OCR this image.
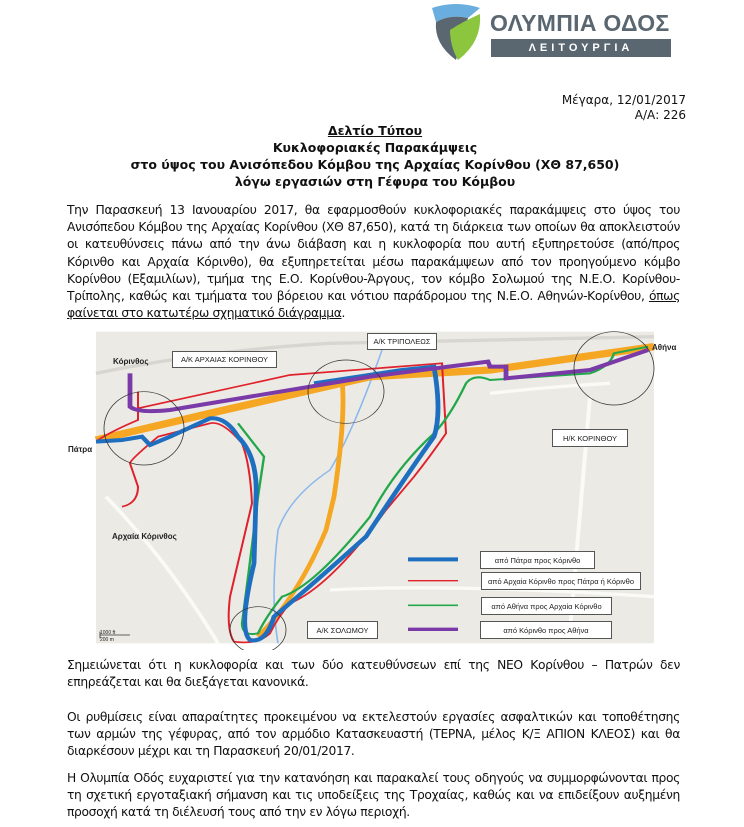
ΟΛΥΜΠΙΑ ΟΔΟΣ
ΛΕΙΤΟΥΡΓΙΑ
Μέγαρα, 12/01/2017
Α/Α: 226
Δελτίο Τύπου
Κυκλοφοριακές Παρακάμψεις
στο ύψος του Ανισόπεδου Κόμβου της Αρχαίας Κορίνθου (ΧΘ 87,650)
λόγω εργασιών στη Γέφυρα του Κόμβου
Την Παρασκευή 13 Ιανουαρίου 2017, θα εφαρμοσθούν κυκλοφοριακές παρακάμψεις στο ύψος του Ανισόπεδου Κόμβου της Αρχαίας Κορίνθου (ΧΘ 87,650), κατά τη διάρκεια των οποίων θα αποκλειστούν οι κατευθύνσεις πάνω από την άνω διάβαση και η κυκλοφορία που αυτή εξυπηρετούσε (από/προς Κόρινθο και Αρχαία Κόρινθο), θα εξυπηρετείται μέσω παρακάμψεων από τον προηγούμενο κόμβο Κορίνθου (Εξαμιλίων), τμήμα της Ε.Ο. Κορίνθου-Άργους, τον κόμβο Σολωμού της Ν.Ε.Ο. Κορίνθου-Τρίπολης, καθώς και τμήματα του βόρειου και νότιου παράδρομου της Ν.Ε.Ο. Αθηνών-Κορίνθου, όπως φαίνεται στο κατωτέρω σχηματικό διάγραμμα.
Κόρινθος
Πάτρα
Αθήνα
Αρχαία Κόρινθος
1000 ft
200 m
Α/Κ ΑΡΧΑΙΑΣ ΚΟΡΙΝΘΟΥ
Α/Κ ΤΡΙΠΟΛΕΩΣ
Η/Κ ΚΟΡΙΝΘΟΥ
Α/Κ ΣΟΛΩΜΟΥ
από Πάτρα προς Κόρινθο
από Αρχαία Κόρινθο προς Πάτρα ή Κόρινθο
από Αθήνα προς Αρχαία Κόρινθο
από Κόρινθο προς Αθήνα
Σημειώνεται ότι η κυκλοφορία και των δύο κατευθύνσεων επί της ΝΕΟ Κορίνθου – Πατρών δεν επηρεάζεται και θα διεξάγεται κανονικά.
Οι ρυθμίσεις είναι απαραίτητες προκειμένου να εκτελεστούν εργασίες ασφαλτικών και τοποθέτησης των αρμών της γέφυρας, από τον αρμόδιο Κατασκευαστή (ΤΕΡΝΑ, μέλος Κ/Ξ ΑΠΙΟΝ ΚΛΕΟΣ) και θα διαρκέσουν μέχρι και τη Παρασκευή 20/01/2017.
Η Ολυμπία Οδός ευχαριστεί για την κατανόηση και παρακαλεί τους οδηγούς να συμμορφώνονται προς τη σχετική εργοταξιακή σήμανση και τις υποδείξεις της Τροχαίας, καθώς και να επιδείξουν αυξημένη προσοχή κατά τη διέλευσή τους από την εν λόγω περιοχή.
